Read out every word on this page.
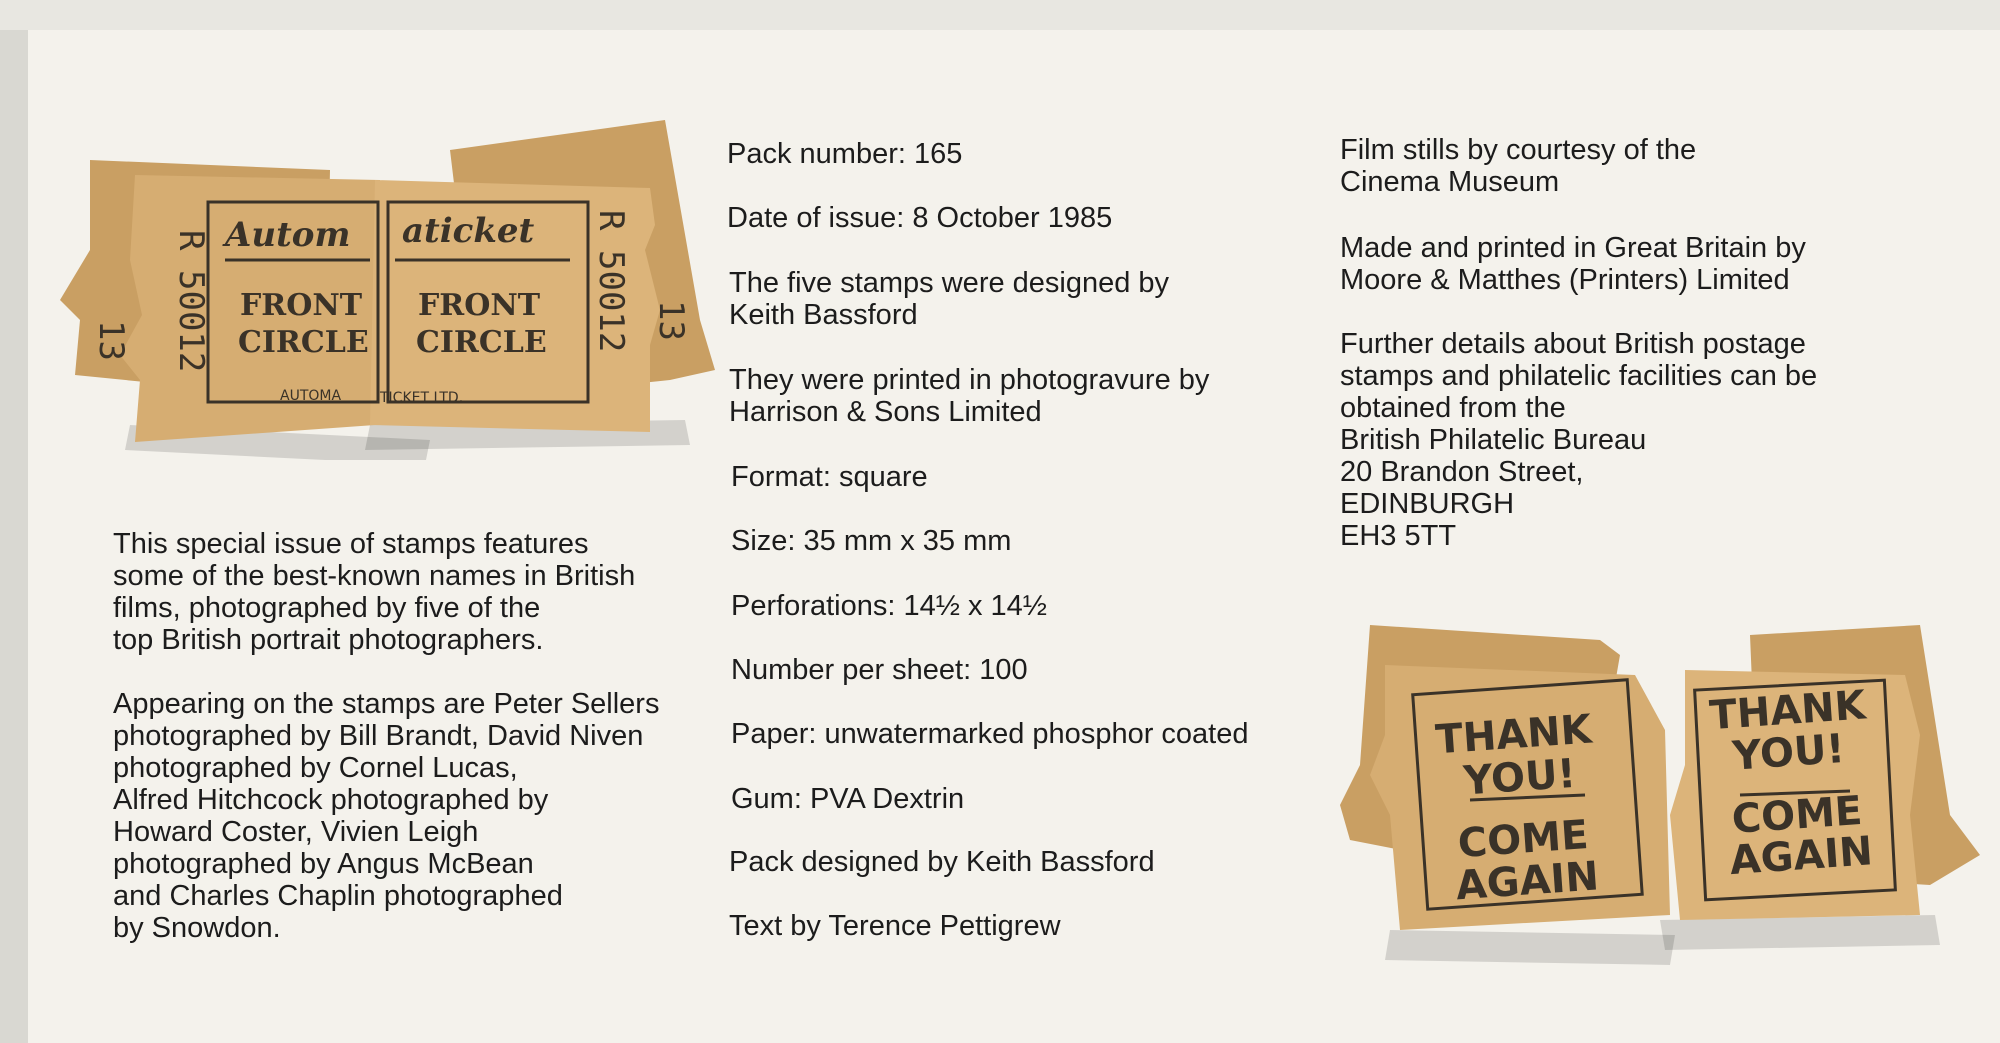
Autom aticket
FRONT
CIRCLE
FRONT
CIRCLE
R
50012
R
50012
13	13
AUTOMA	TICKET LTD.
This special issue of stamps features
some of the best-known names in British
films, photographed by five of the
top British portrait photographers.
Appearing on the stamps are Peter Sellers
photographed by Bill Brandt, David Niven
photographed by Cornel Lucas,
Alfred Hitchcock photographed by
Howard Coster, Vivien Leigh
photographed by Angus McBean
and Charles Chaplin photographed
by Snowdon.
Pack number: 165
Date of issue: 8 October 1985
The five stamps were designed by
Keith Bassford
They were printed in photogravure by
Harrison & Sons Limited
Format: square
Size: 35 mm x 35 mm
Perforations: 14½ x 14½
Number per sheet: 100
Paper: unwatermarked phosphor coated
Gum: PVA Dextrin
Pack designed by Keith Bassford
Text by Terence Pettigrew
Film stills by courtesy of the
Cinema Museum
Made and printed in Great Britain by
Moore & Matthes (Printers) Limited
Further details about British postage
stamps and philatelic facilities can be
obtained from the
British Philatelic Bureau
20 Brandon Street,
EDINBURGH
EH3 5TT
THANK
YOU!
COME
AGAIN
THANK
YOU!
COME
AGAIN
